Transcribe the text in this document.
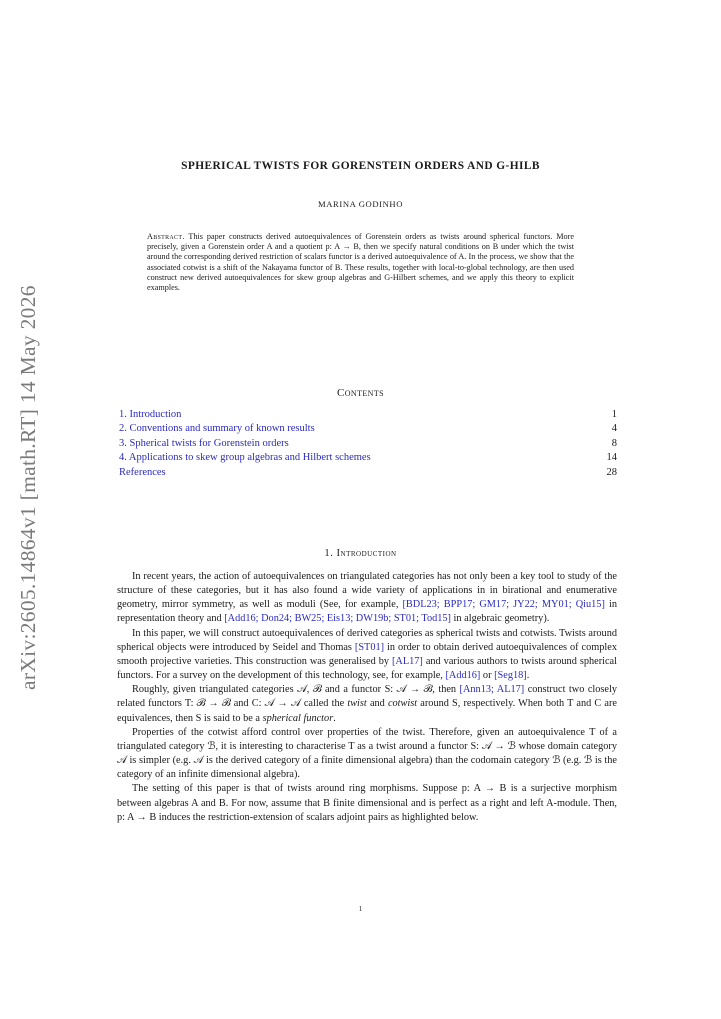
arXiv:2605.14864v1 [math.RT] 14 May 2026
SPHERICAL TWISTS FOR GORENSTEIN ORDERS AND G-HILB
MARINA GODINHO
Abstract. This paper constructs derived autoequivalences of Gorenstein orders as twists around spherical functors. More precisely, given a Gorenstein order A and a quotient p: A → B, then we specify natural conditions on B under which the twist around the corresponding derived restriction of scalars functor is a derived autoequivalence of A. In the process, we show that the associated cotwist is a shift of the Nakayama functor of B. These results, together with local-to-global technology, are then used construct new derived autoequivalences for skew group algebras and G-Hilbert schemes, and we apply this theory to explicit examples.
Contents
1. Introduction	1
2. Conventions and summary of known results	4
3. Spherical twists for Gorenstein orders	8
4. Applications to skew group algebras and Hilbert schemes	14
References	28
1. Introduction

In recent years, the action of autoequivalences on triangulated categories has not only been a key tool to study of the structure of these categories, but it has also found a wide variety of applications in in birational and enumerative geometry, mirror symmetry, as well as moduli (See, for example, [BDL23; BPP17; GM17; JY22; MY01; Qiu15] in representation theory and [Add16; Don24; BW25; Eis13; DW19b; ST01; Tod15] in algebraic geometry).

In this paper, we will construct autoequivalences of derived categories as spherical twists and cotwists. Twists around spherical objects were introduced by Seidel and Thomas [ST01] in order to obtain derived autoequivalences of complex smooth projective varieties. This construction was generalised by [AL17] and various authors to twists around spherical functors. For a survey on the development of this technology, see, for example, [Add16] or [Seg18].

Roughly, given triangulated categories 𝒜, ℬ and a functor S: 𝒜 → ℬ, then [Ann13; AL17] construct two closely related functors T: ℬ → ℬ and C: 𝒜 → 𝒜 called the twist and cotwist around S, respectively. When both T and C are equivalences, then S is said to be a spherical functor.

Properties of the cotwist afford control over properties of the twist. Therefore, given an autoequivalence T of a triangulated category ℬ, it is interesting to characterise T as a twist around a functor S: 𝒜 → ℬ whose domain category 𝒜 is simpler (e.g. 𝒜 is the derived category of a finite dimensional algebra) than the codomain category ℬ (e.g. ℬ is the category of an infinite dimensional algebra).

The setting of this paper is that of twists around ring morphisms. Suppose p: A → B is a surjective morphism between algebras A and B. For now, assume that B finite dimensional and is perfect as a right and left A-module. Then, p: A → B induces the restriction-extension of scalars adjoint pairs as highlighted below.

1
